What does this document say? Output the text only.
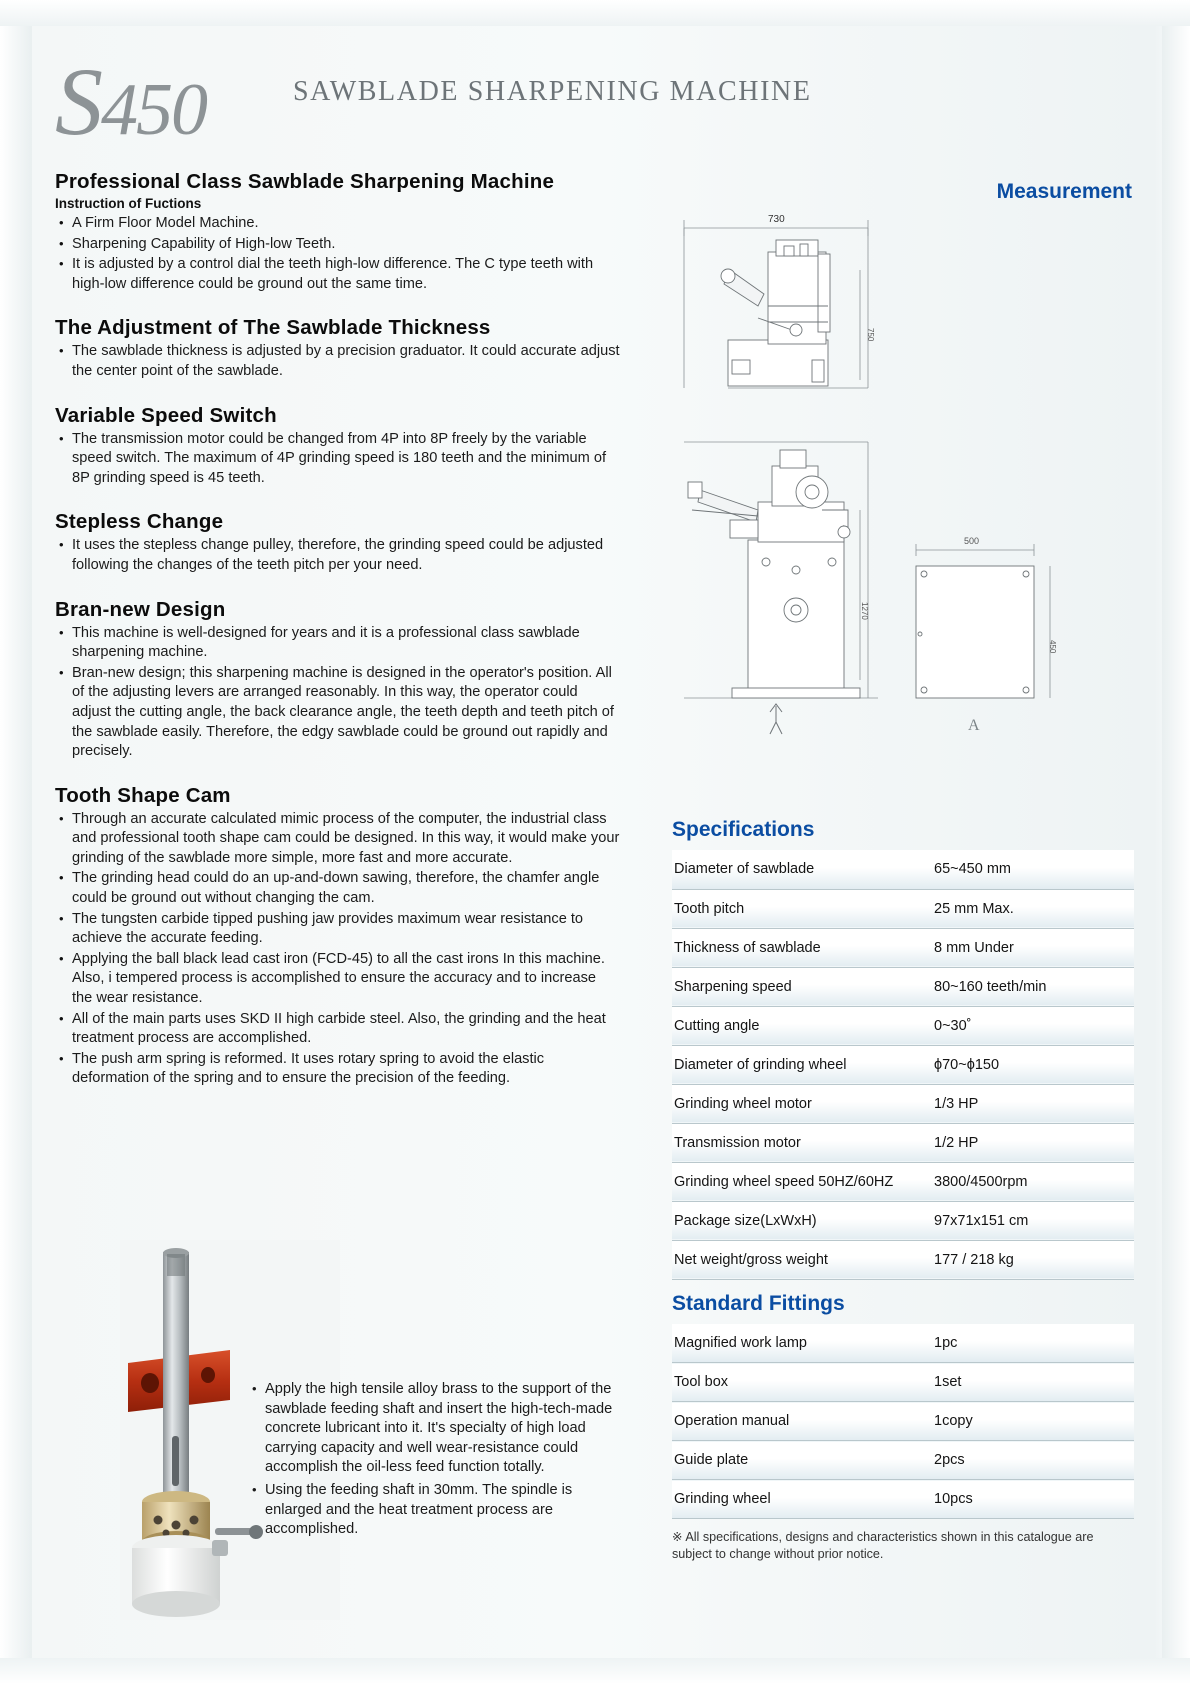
S450	SAWBLADE SHARPENING MACHINE
Professional Class Sawblade Sharpening Machine
Instruction of Fuctions
• A Firm Floor Model Machine.
• Sharpening Capability of High-low Teeth.
• It is adjusted by a control dial the teeth high-low difference. The C type teeth with high-low difference could be ground out the same time.
The Adjustment of The Sawblade Thickness
• The sawblade thickness is adjusted by a precision graduator. It could accurate adjust the center point of the sawblade.
Variable Speed Switch
• The transmission motor could be changed from 4P into 8P freely by the variable speed switch. The maximum of 4P grinding speed is 180 teeth and the minimum of 8P grinding speed is 45 teeth.
Stepless Change
• It uses the stepless change pulley, therefore, the grinding speed could be adjusted following the changes of the teeth pitch per your need.
Bran-new Design
• This machine is well-designed for years and it is a professional class sawblade sharpening machine.
• Bran-new design; this sharpening machine is designed in the operator's position. All of the adjusting levers are arranged reasonably. In this way, the operator could adjust the cutting angle, the back clearance angle, the teeth depth and teeth pitch of the sawblade easily. Therefore, the edgy sawblade could be ground out rapidly and precisely.
Tooth Shape Cam
• Through an accurate calculated mimic process of the computer, the industrial class and professional tooth shape cam could be designed. In this way, it would make your grinding of the sawblade more simple, more fast and more accurate.
• The grinding head could do an up-and-down sawing, therefore, the chamfer angle could be ground out without changing the cam.
• The tungsten carbide tipped pushing jaw provides maximum wear resistance to achieve the accurate feeding.
• Applying the ball black lead cast iron (FCD-45) to all the cast irons In this machine. Also, i tempered process is accomplished to ensure the accuracy and to increase the wear resistance.
• All of the main parts uses SKD II high carbide steel. Also, the grinding and the heat treatment process are accomplished.
• The push arm spring is reformed. It uses rotary spring to avoid the elastic deformation of the spring and to ensure the precision of the feeding.
• Apply the high tensile alloy brass to the support of the sawblade feeding shaft and insert the high-tech-made concrete lubricant into it. It's specialty of high load carrying capacity and well wear-resistance could accomplish the oil-less feed function totally.
• Using the feeding shaft in 30mm. The spindle is enlarged and the heat treatment process are accomplished.
Measurement
730
750
1270
500
450
A
Specifications
Diameter of sawblade	65~450 mm
Tooth pitch	25 mm Max.
Thickness of sawblade	8 mm Under
Sharpening speed	80~160 teeth/min
Cutting angle	0~30˚
Diameter of grinding wheel	ϕ70~ϕ150
Grinding wheel motor	1/3 HP
Transmission motor	1/2 HP
Grinding wheel speed 50HZ/60HZ	3800/4500rpm
Package size(LxWxH)	97x71x151 cm
Net weight/gross weight	177 / 218 kg
Standard Fittings
Magnified work lamp	1pc
Tool box	1set
Operation manual	1copy
Guide plate	2pcs
Grinding wheel	10pcs
※ All specifications, designs and characteristics shown in this catalogue are subject to change without prior notice.
